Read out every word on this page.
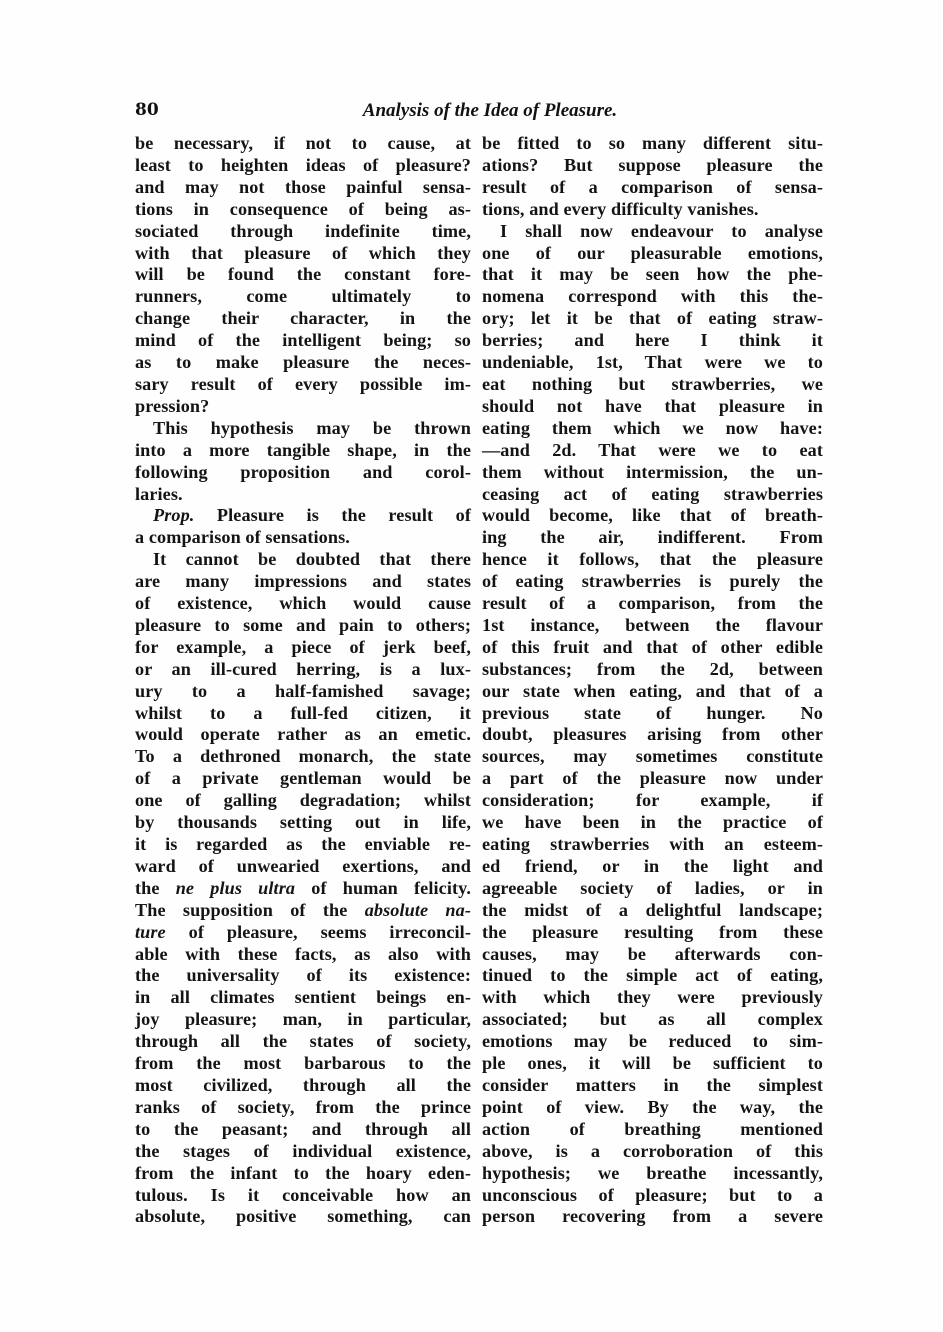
80	Analysis of the Idea of Pleasure.
be necessary, if not to cause, at
least to heighten ideas of pleasure?
and may not those painful sensa-
tions in consequence of being as-
sociated through indefinite time,
with that pleasure of which they
will be found the constant fore-
runners, come ultimately to
change their character, in the
mind of the intelligent being; so
as to make pleasure the neces-
sary result of every possible im-
pression?
This hypothesis may be thrown
into a more tangible shape, in the
following proposition and corol-
laries.
Prop. Pleasure is the result of
a comparison of sensations.
It cannot be doubted that there
are many impressions and states
of existence, which would cause
pleasure to some and pain to others;
for example, a piece of jerk beef,
or an ill-cured herring, is a lux-
ury to a half-famished savage;
whilst to a full-fed citizen, it
would operate rather as an emetic.
To a dethroned monarch, the state
of a private gentleman would be
one of galling degradation; whilst
by thousands setting out in life,
it is regarded as the enviable re-
ward of unwearied exertions, and
the ne plus ultra of human felicity.
The supposition of the absolute na-
ture of pleasure, seems irreconcil-
able with these facts, as also with
the universality of its existence:
in all climates sentient beings en-
joy pleasure; man, in particular,
through all the states of society,
from the most barbarous to the
most civilized, through all the
ranks of society, from the prince
to the peasant; and through all
the stages of individual existence,
from the infant to the hoary eden-
tulous. Is it conceivable how an
absolute, positive something, can
be fitted to so many different situ-
ations? But suppose pleasure the
result of a comparison of sensa-
tions, and every difficulty vanishes.
I shall now endeavour to analyse
one of our pleasurable emotions,
that it may be seen how the phe-
nomena correspond with this the-
ory; let it be that of eating straw-
berries; and here I think it
undeniable, 1st, That were we to
eat nothing but strawberries, we
should not have that pleasure in
eating them which we now have:
—and 2d. That were we to eat
them without intermission, the un-
ceasing act of eating strawberries
would become, like that of breath-
ing the air, indifferent. From
hence it follows, that the pleasure
of eating strawberries is purely the
result of a comparison, from the
1st instance, between the flavour
of this fruit and that of other edible
substances; from the 2d, between
our state when eating, and that of a
previous state of hunger. No
doubt, pleasures arising from other
sources, may sometimes constitute
a part of the pleasure now under
consideration; for example, if
we have been in the practice of
eating strawberries with an esteem-
ed friend, or in the light and
agreeable society of ladies, or in
the midst of a delightful landscape;
the pleasure resulting from these
causes, may be afterwards con-
tinued to the simple act of eating,
with which they were previously
associated; but as all complex
emotions may be reduced to sim-
ple ones, it will be sufficient to
consider matters in the simplest
point of view. By the way, the
action of breathing mentioned
above, is a corroboration of this
hypothesis; we breathe incessantly,
unconscious of pleasure; but to a
person recovering from a severe
